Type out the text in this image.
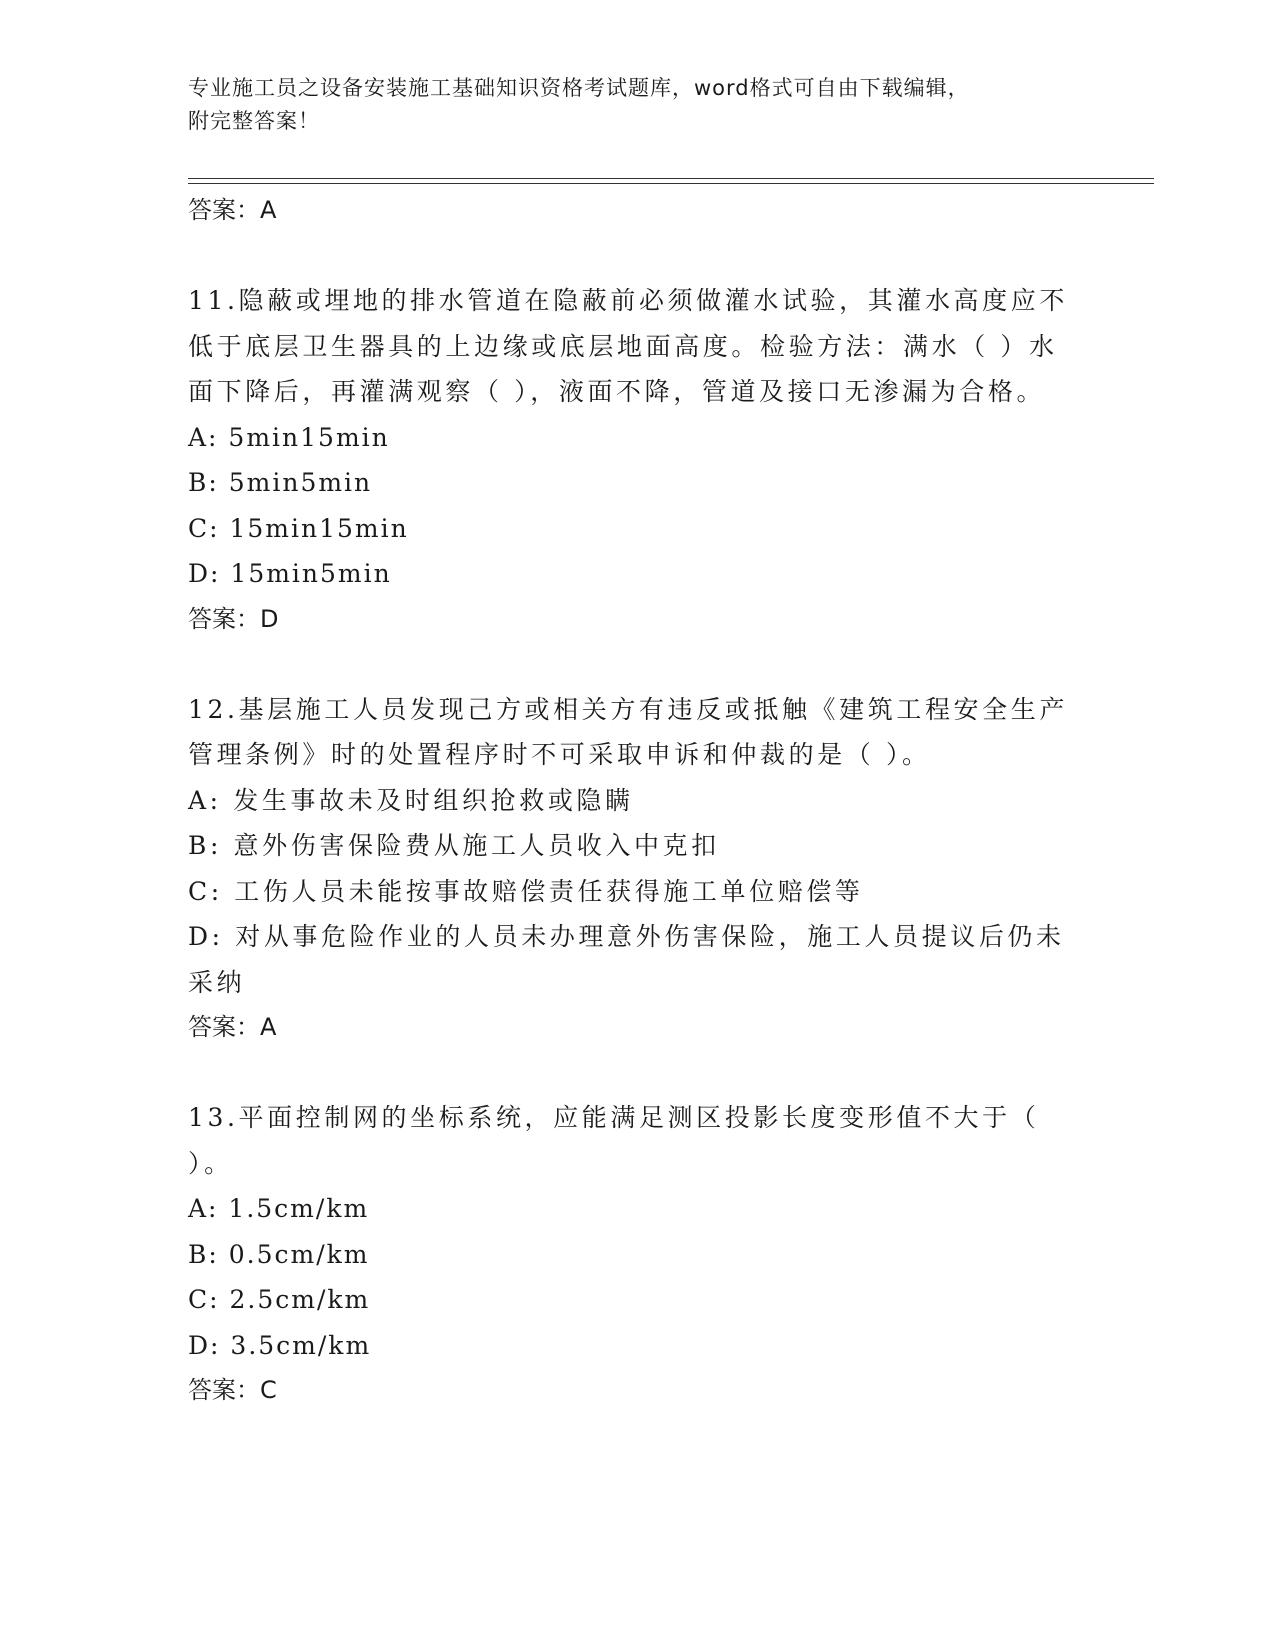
专业施工员之设备安装施工基础知识资格考试题库，word格式可自由下载编辑，
附完整答案！
答案：A
11.隐蔽或埋地的排水管道在隐蔽前必须做灌水试验，其灌水高度应不低于底层卫生器具的上边缘或底层地面高度。检验方法：满水（ ）水面下降后，再灌满观察（ ），液面不降，管道及接口无渗漏为合格。
A: 5min15min
B: 5min5min
C: 15min15min
D: 15min5min
答案：D
12.基层施工人员发现己方或相关方有违反或抵触《建筑工程安全生产管理条例》时的处置程序时不可采取申诉和仲裁的是（ ）。
A: 发生事故未及时组织抢救或隐瞒
B: 意外伤害保险费从施工人员收入中克扣
C: 工伤人员未能按事故赔偿责任获得施工单位赔偿等
D: 对从事危险作业的人员未办理意外伤害保险，施工人员提议后仍未采纳
答案：A
13.平面控制网的坐标系统，应能满足测区投影长度变形值不大于（ ）。
A: 1.5cm/km
B: 0.5cm/km
C: 2.5cm/km
D: 3.5cm/km
答案：C
